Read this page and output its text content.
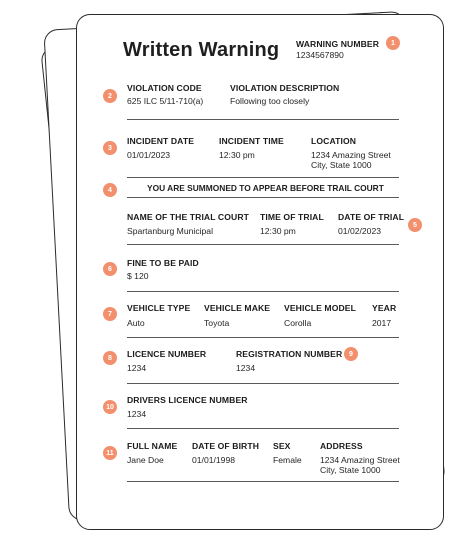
Written Warning WARNING NUMBER
1234567890
1
2
VIOLATION CODE
625 ILC 5/11-710(a)
VIOLATION DESCRIPTION
Following too closely
3
INCIDENT DATE
01/01/2023
INCIDENT TIME
12:30 pm
LOCATION
1234 Amazing Street
City, State 1000
4	YOU ARE SUMMONED TO APPEAR BEFORE TRAIL COURT
NAME OF THE TRIAL COURT
Spartanburg Municipal
TIME OF TRIAL
12:30 pm
DATE OF TRIAL
01/02/2023
5
6
FINE TO BE PAID
$ 120
7
VEHICLE TYPE
Auto
VEHICLE MAKE
Toyota
VEHICLE MODEL
Corolla
YEAR
2017
8	LICENCE NUMBER
1234
REGISTRATION NUMBER
1234
9
10
DRIVERS LICENCE NUMBER
1234
11
FULL NAME
Jane Doe
DATE OF BIRTH
01/01/1998
SEX
Female
ADDRESS
1234 Amazing Street
City, State 1000
